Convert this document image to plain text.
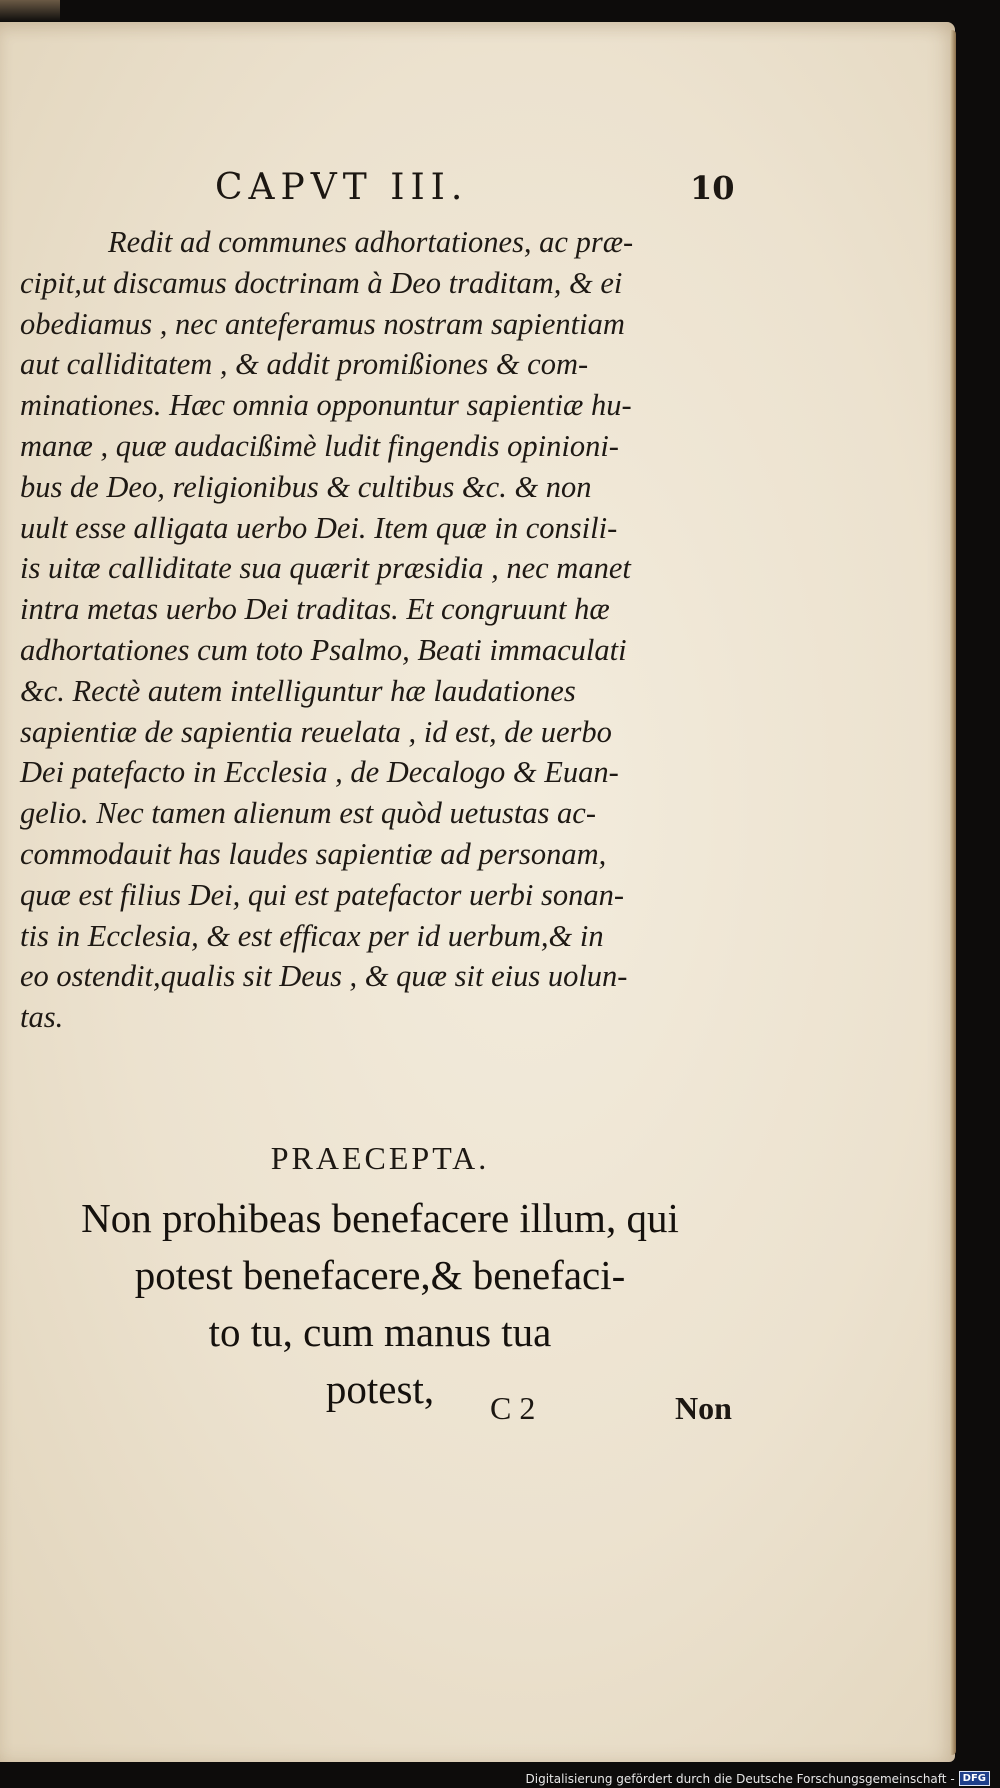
CAPVT III.	10
Redit ad communes adhortationes, ac præ-
cipit,ut discamus doctrinam à Deo traditam, & ei
obediamus , nec anteferamus nostram sapientiam
aut calliditatem , & addit promißiones & com-
minationes. Hæc omnia opponuntur sapientiæ hu-
manæ , quæ audacißimè ludit fingendis opinioni-
bus de Deo, religionibus & cultibus &c. & non
uult esse alligata uerbo Dei. Item quæ in consili-
is uitæ calliditate sua quærit præsidia , nec manet
intra metas uerbo Dei traditas. Et congruunt hæ
adhortationes cum toto Psalmo, Beati immaculati
&c. Rectè autem intelliguntur hæ laudationes
sapientiæ de sapientia reuelata , id est, de uerbo
Dei patefacto in Ecclesia , de Decalogo & Euan-
gelio. Nec tamen alienum est quòd uetustas ac-
commodauit has laudes sapientiæ ad personam,
quæ est filius Dei, qui est patefactor uerbi sonan-
tis in Ecclesia, & est efficax per id uerbum,& in
eo ostendit,qualis sit Deus , & quæ sit eius uolun-
tas.
PRAECEPTA.
Non prohibeas benefacere illum, qui
potest benefacere,& benefaci-
to tu, cum manus tua
potest,	C 2	Non
Digitalisierung gefördert durch die Deutsche Forschungsgemeinschaft - DFG
